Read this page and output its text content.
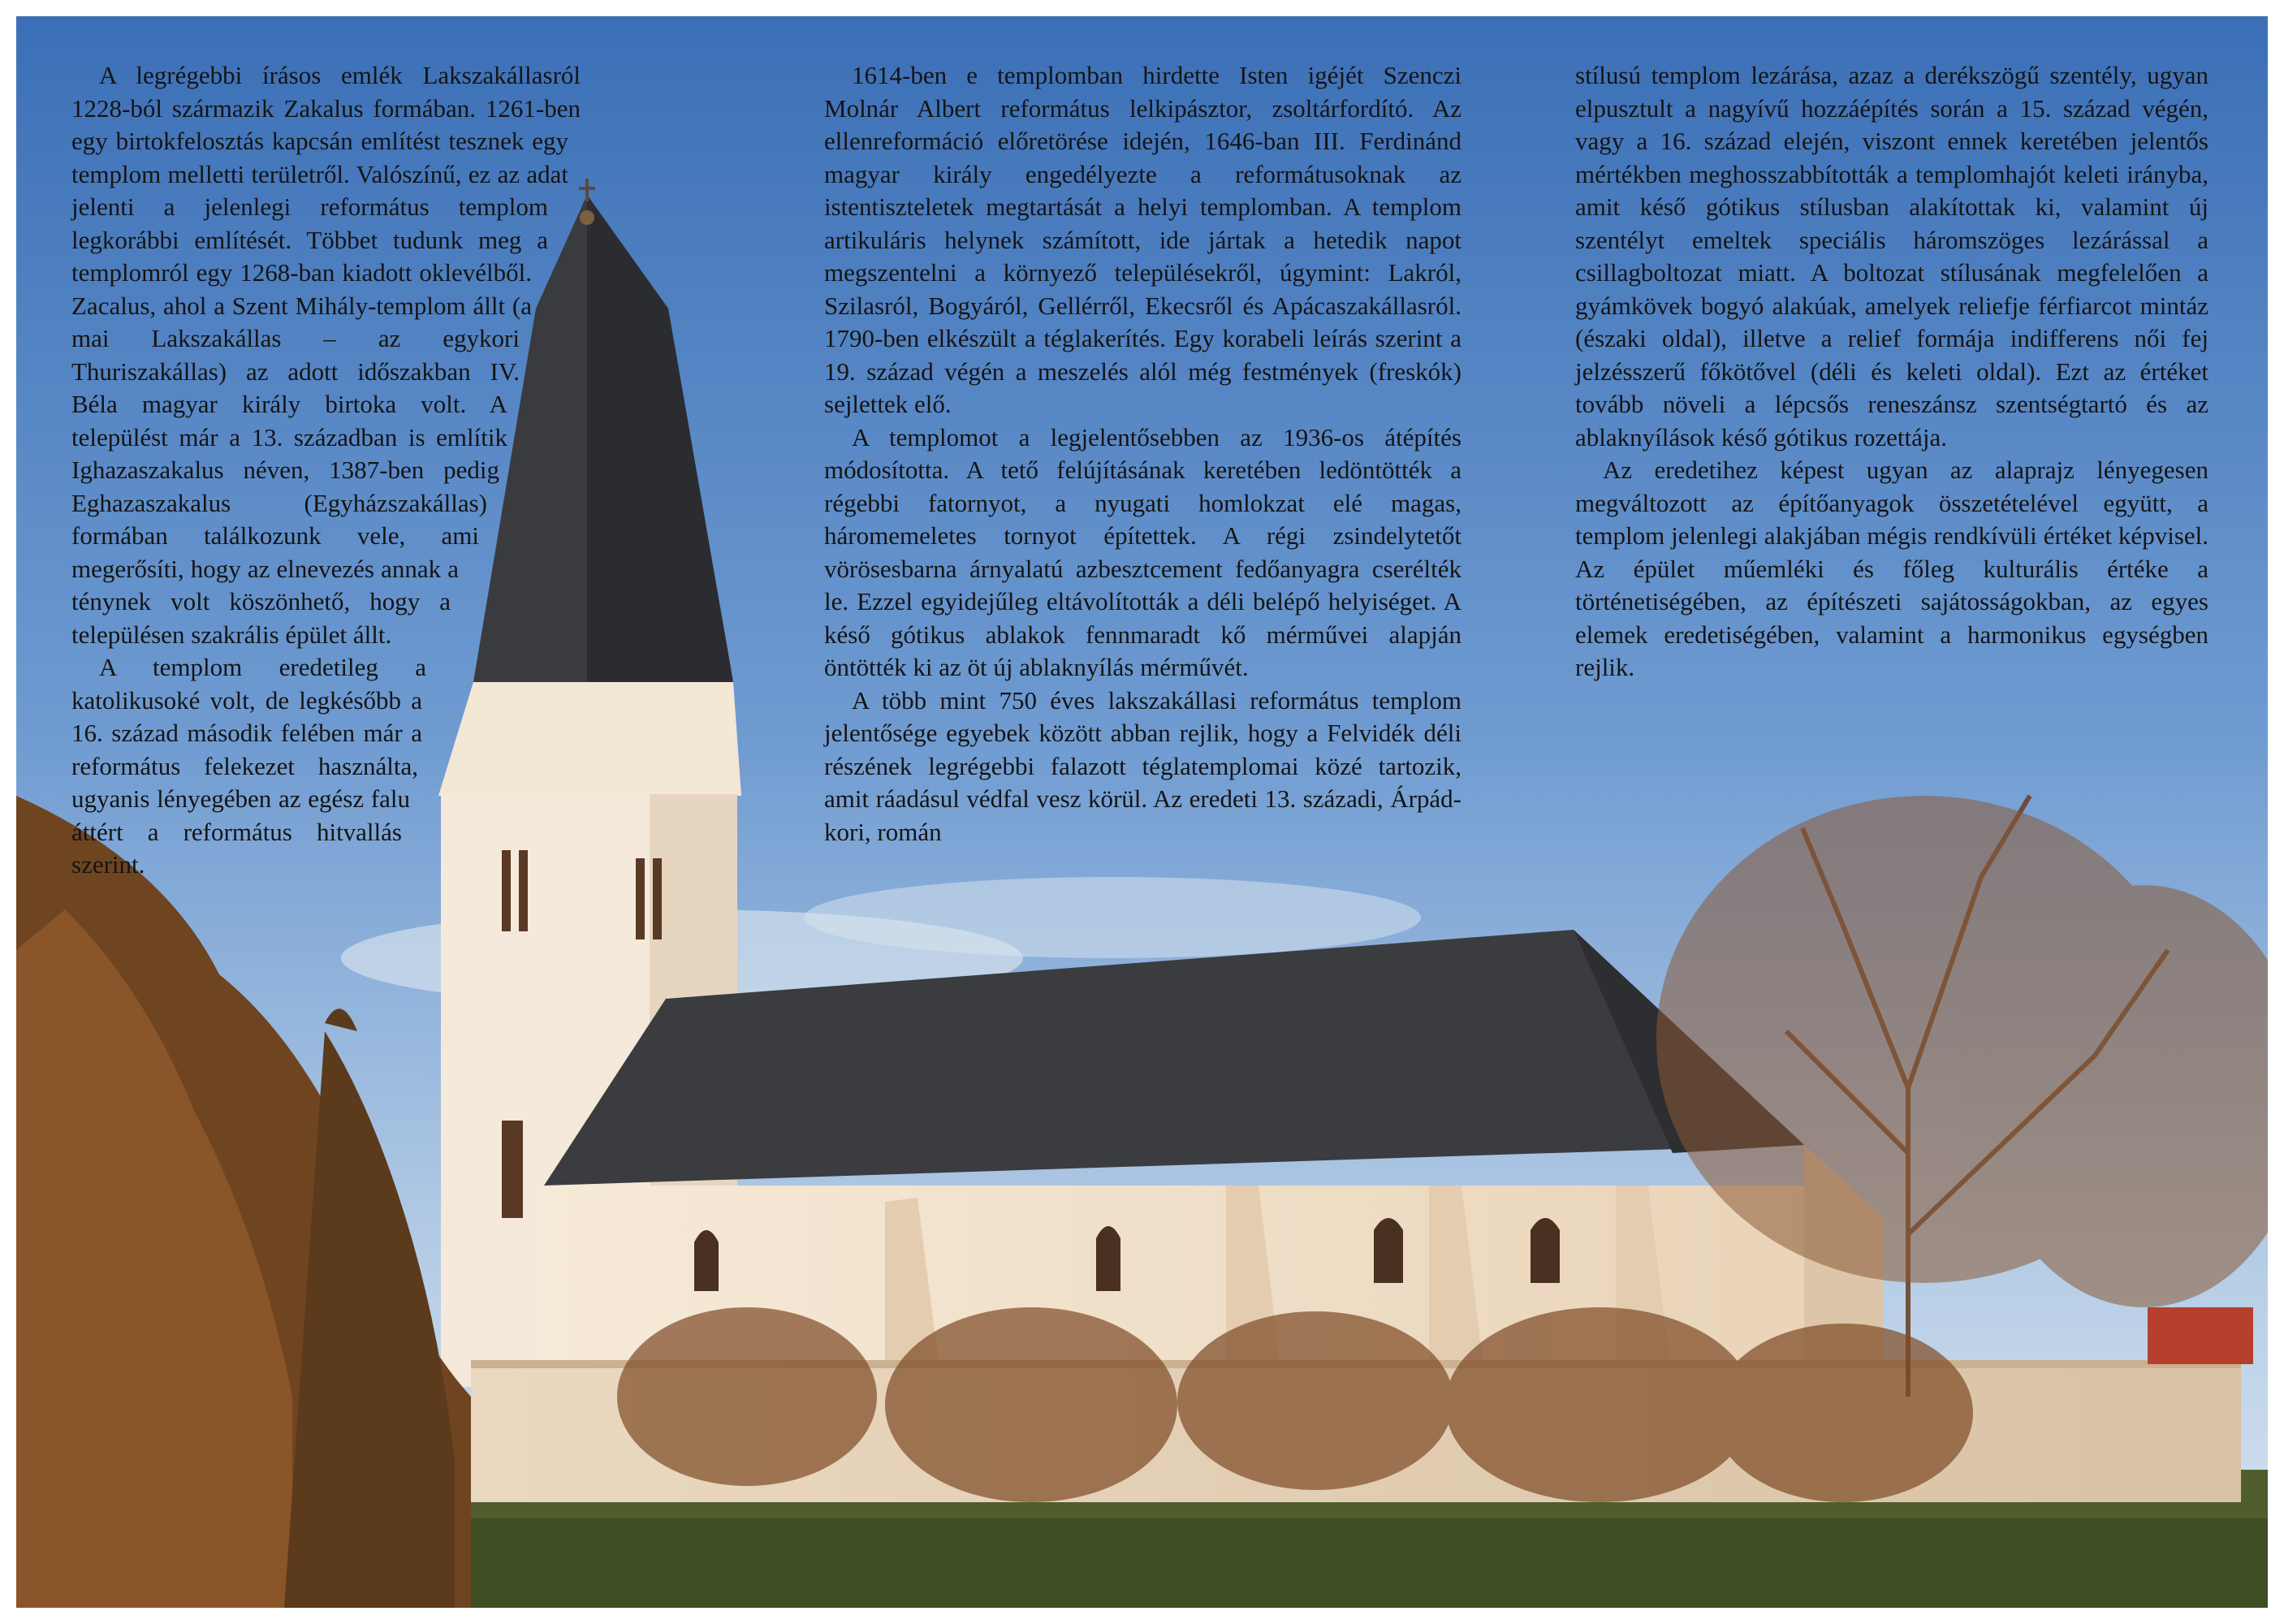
A legrégebbi írásos emlék Lakszakállasról 1228-ból származik Zakalus formában. 1261-ben egy birtokfelosztás kapcsán említést tesznek egy templom melletti területről. Valószínű, ez az adat jelenti a jelenlegi református templom legkorábbi említését. Többet tudunk meg a templomról egy 1268-ban kiadott oklevélből. Zacalus, ahol a Szent Mihály-templom állt (a mai Lakszakállas – az egykori Thuriszakállas) az adott időszakban IV. Béla magyar király birtoka volt. A települést már a 13. században is említik Ighazaszakalus néven, 1387-ben pedig Eghazaszakalus (Egyházszakállas) formában találkozunk vele, ami megerősíti, hogy az elnevezés annak a ténynek volt köszönhető, hogy a településen szakrális épület állt.

A templom eredetileg a katolikusoké volt, de legkésőbb a 16. század második felében már a református felekezet használta, ugyanis lényegében az egész falu áttért a református hitvallás szerint.

1614-ben e templomban hirdette Isten igéjét Szenczi Molnár Albert református lelkipásztor, zsoltárfordító. Az ellenreformáció előretörése idején, 1646-ban III. Ferdinánd magyar király engedélyezte a reformátusoknak az istentiszteletek megtartását a helyi templomban. A templom artikuláris helynek számított, ide jártak a hetedik napot megszentelni a környező településekről, úgymint: Lakról, Szilasról, Bogyáról, Gellérről, Ekecsről és Apácaszakállasról. 1790-ben elkészült a téglakerítés. Egy korabeli leírás szerint a 19. század végén a meszelés alól még festmények (freskók) sejlettek elő.

A templomot a legjelentősebben az 1936-os átépítés módosította. A tető felújításának keretében ledöntötték a régebbi fatornyot, a nyugati homlokzat elé magas, háromemeletes tornyot építettek. A régi zsindelytetőt vörösesbarna árnyalatú azbesztcement fedőanyagra cserélték le. Ezzel egyidejűleg eltávolították a déli belépő helyiséget. A késő gótikus ablakok fennmaradt kő mérművei alapján öntötték ki az öt új ablaknyílás mérművét.

A több mint 750 éves lakszakállasi református templom jelentősége egyebek között abban rejlik, hogy a Felvidék déli részének legrégebbi falazott téglatemplomai közé tartozik, amit ráadásul védfal vesz körül. Az eredeti 13. századi, Árpád-kori, román

stílusú templom lezárása, azaz a derékszögű szentély, ugyan elpusztult a nagyívű hozzáépítés során a 15. század végén, vagy a 16. század elején, viszont ennek keretében jelentős mértékben meghosszabbították a templomhajót keleti irányba, amit késő gótikus stílusban alakítottak ki, valamint új szentélyt emeltek speciális háromszöges lezárással a csillagboltozat miatt. A boltozat stílusának megfelelően a gyámkövek bogyó alakúak, amelyek reliefje férfiarcot mintáz (északi oldal), illetve a relief formája indifferens női fej jelzésszerű főkötővel (déli és keleti oldal). Ezt az értéket tovább növeli a lépcsős reneszánsz szentségtartó és az ablaknyílások késő gótikus rozettája.

Az eredetihez képest ugyan az alaprajz lényegesen megváltozott az építőanyagok összetételével együtt, a templom jelenlegi alakjában mégis rendkívüli értéket képvisel. Az épület műemléki és főleg kulturális értéke a történetiségében, az építészeti sajátosságokban, az egyes elemek eredetiségében, valamint a harmonikus egységben rejlik.
